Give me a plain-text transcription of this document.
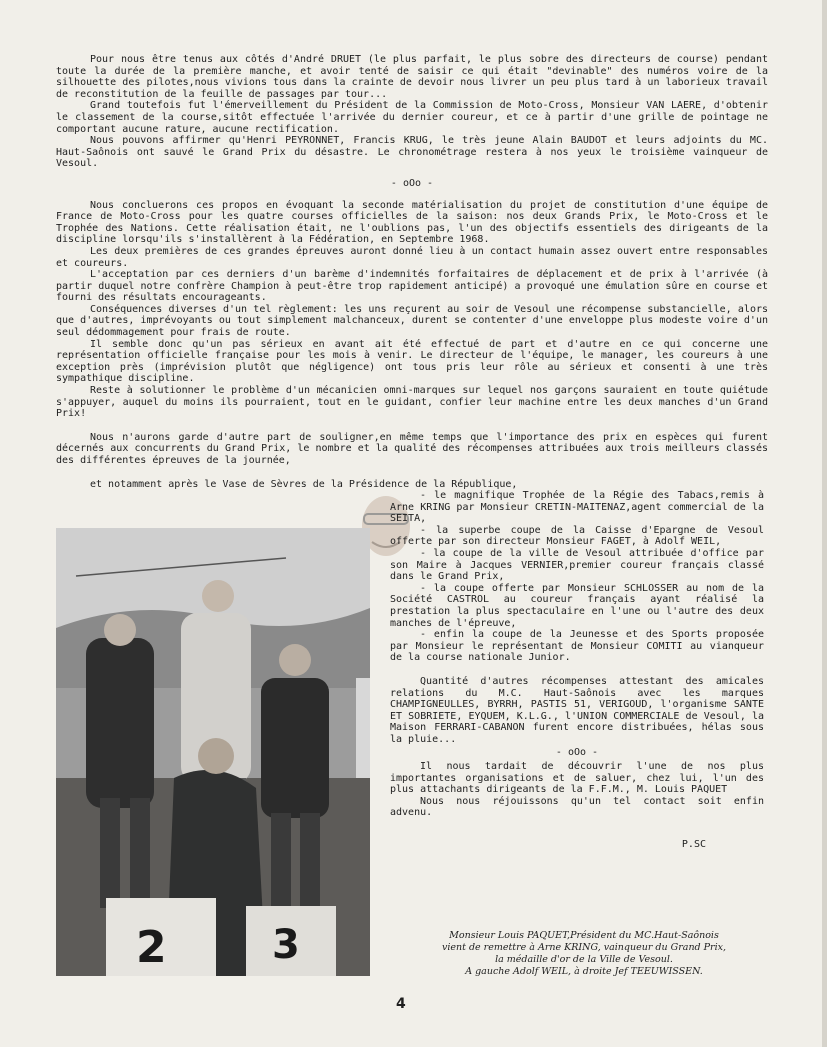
Pour nous être tenus aux côtés d'André DRUET (le plus parfait, le plus sobre des directeurs de course) pendant toute la durée de la première manche, et avoir tenté de saisir ce qui était "devinable" des numéros voire de la silhouette des pilotes,nous vivions tous dans la crainte de devoir nous livrer un peu plus tard à un laborieux travail de reconstitution de la feuille de passages par tour...

Grand toutefois fut l'émerveillement du Président de la Commission de Moto-Cross, Monsieur VAN LAERE, d'obtenir le classement de la course,sitôt effectuée l'arrivée du dernier coureur, et ce à partir d'une grille de pointage ne comportant aucune rature, aucune rectification.

Nous pouvons affirmer qu'Henri PEYRONNET, Francis KRUG, le très jeune Alain BAUDOT et leurs adjoints du MC. Haut-Saônois ont sauvé le Grand Prix du désastre. Le chronométrage restera à nos yeux le troisième vainqueur de Vesoul.

- oOo -

Nous concluerons ces propos en évoquant la seconde matérialisation du projet de constitution d'une équipe de France de Moto-Cross pour les quatre courses officielles de la saison: nos deux Grands Prix, le Moto-Cross et le Trophée des Nations. Cette réalisation était, ne l'oublions pas, l'un des objectifs essentiels des dirigeants de la discipline lorsqu'ils s'installèrent à la Fédération, en Septembre 1968.

Les deux premières de ces grandes épreuves auront donné lieu à un contact humain assez ouvert entre responsables et coureurs.

L'acceptation par ces derniers d'un barème d'indemnités forfaitaires de déplacement et de prix à l'arrivée (à partir duquel notre confrère Champion à peut-être trop rapidement anticipé) a provoqué une émulation sûre en course et fourni des résultats encourageants.

Conséquences diverses d'un tel règlement: les uns reçurent au soir de Vesoul une récompense substancielle, alors que d'autres, imprévoyants ou tout simplement malchanceux, durent se contenter d'une enveloppe plus modeste voire d'un seul dédommagement pour frais de route.

Il semble donc qu'un pas sérieux en avant ait été effectué de part et d'autre en ce qui concerne une représentation officielle française pour les mois à venir. Le directeur de l'équipe, le manager, les coureurs à une exception près (imprévision plutôt que négligence) ont tous pris leur rôle au sérieux et consenti à une très sympathique discipline.

Reste à solutionner le problème d'un mécanicien omni-marques sur lequel nos garçons sauraient en toute quiétude s'appuyer, auquel du moins ils pourraient, tout en le guidant, confier leur machine entre les deux manches d'un Grand Prix!

Nous n'aurons garde d'autre part de souligner,en même temps que l'importance des prix en espèces qui furent décernés aux concurrents du Grand Prix, le nombre et la qualité des récompenses attribuées aux trois meilleurs classés des différentes épreuves de la journée,

et notamment après le Vase de Sèvres de la Présidence de la République,

2	3

- le magnifique Trophée de la Régie des Tabacs,remis à Arne KRING par Monsieur CRETIN-MAITENAZ,agent commercial de la SEITA,

- la superbe coupe de la Caisse d'Epargne de Vesoul offerte par son directeur Monsieur FAGET, à Adolf WEIL,

- la coupe de la ville de Vesoul attribuée d'office par son Maire à Jacques VERNIER,premier coureur français classé dans le Grand Prix,

- la coupe offerte par Monsieur SCHLOSSER au nom de la Société CASTROL au coureur français ayant réalisé la prestation la plus spectaculaire en l'une ou l'autre des deux manches de l'épreuve,

- enfin la coupe de la Jeunesse et des Sports proposée par Monsieur le représentant de Monsieur COMITI au vianqueur de la course nationale Junior.

Quantité d'autres récompenses attestant des amicales relations du M.C. Haut-Saônois avec les marques CHAMPIGNEULLES, BYRRH, PASTIS 51, VERIGOUD, l'organisme SANTE ET SOBRIETE, EYQUEM, K.L.G., l'UNION COMMERCIALE de Vesoul, la Maison FERRARI-CABANON furent encore distribuées, hélas sous la pluie...

- oOo -

Il nous tardait de découvrir l'une de nos plus importantes organisations et de saluer, chez lui, l'un des plus attachants dirigeants de la F.F.M., M. Louis PAQUET

Nous nous réjouissons qu'un tel contact soit enfin advenu.

P.SC

Monsieur Louis PAQUET,Président du MC.Haut-Saônois
vient de remettre à Arne KRING, vainqueur du Grand Prix,
la médaille d'or de la Ville de Vesoul.
A gauche Adolf WEIL, à droite Jef TEEUWISSEN.
4
